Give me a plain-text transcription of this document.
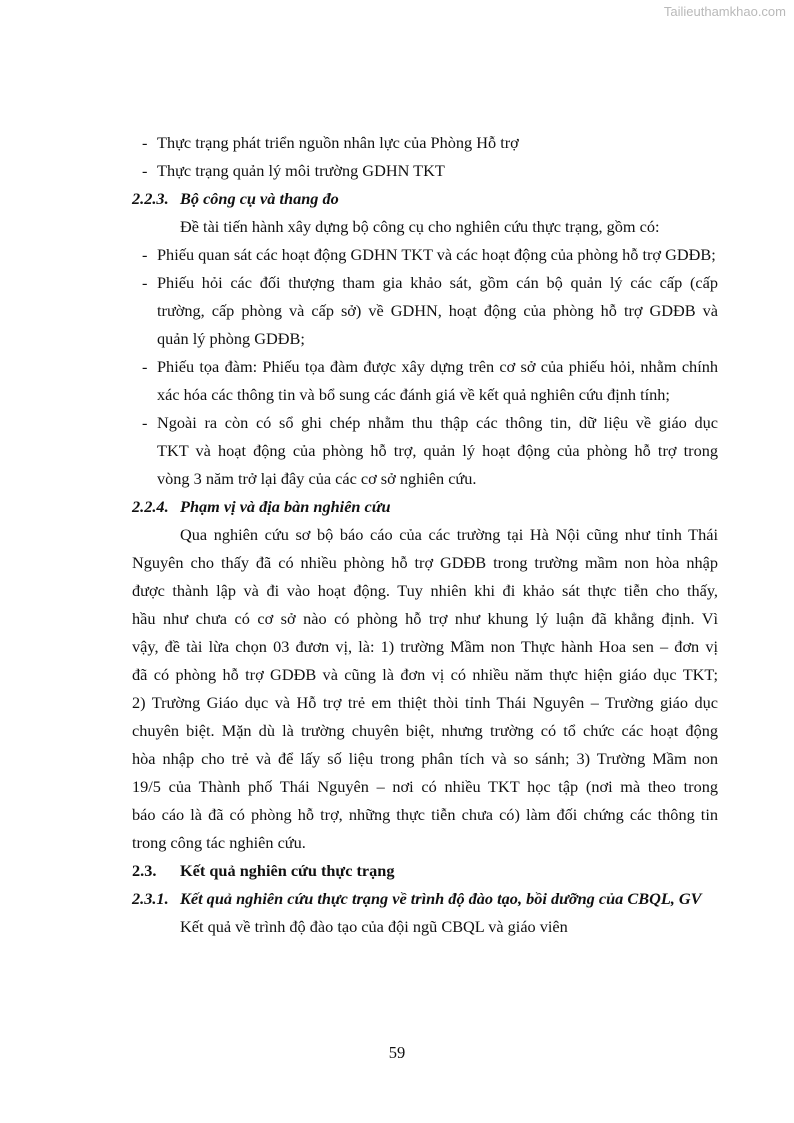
Tailieuthamkhao.com
- Thực trạng phát triển nguồn nhân lực của Phòng Hỗ trợ
- Thực trạng quản lý môi trường GDHN TKT
2.2.3. Bộ công cụ và thang đo
Đề tài tiến hành xây dựng bộ công cụ cho nghiên cứu thực trạng, gồm có:
- Phiếu quan sát các hoạt động GDHN TKT và các hoạt động của phòng hỗ trợ GDĐB;
- Phiếu hỏi các đối thượng tham gia khảo sát, gồm cán bộ quản lý các cấp (cấp
trường, cấp phòng và cấp sở) về GDHN, hoạt động của phòng hỗ trợ GDĐB và
quản lý phòng GDĐB;
- Phiếu tọa đàm: Phiếu tọa đàm được xây dựng trên cơ sở của phiếu hỏi, nhằm chính
xác hóa các thông tin và bổ sung các đánh giá về kết quả nghiên cứu định tính;
- Ngoài ra còn có sổ ghi chép nhằm thu thập các thông tin, dữ liệu về giáo dục
TKT và hoạt động của phòng hỗ trợ, quản lý hoạt động của phòng hỗ trợ trong
vòng 3 năm trở lại đây của các cơ sở nghiên cứu.
2.2.4. Phạm vị và địa bàn nghiên cứu
Qua nghiên cứu sơ bộ báo cáo của các trường tại Hà Nội cũng như tỉnh Thái
Nguyên cho thấy đã có nhiều phòng hỗ trợ GDĐB trong trường mầm non hòa nhập
được thành lập và đi vào hoạt động. Tuy nhiên khi đi khảo sát thực tiễn cho thấy,
hầu như chưa có cơ sở nào có phòng hỗ trợ như khung lý luận đã khẳng định. Vì
vậy, đề tài lừa chọn 03 đươn vị, là: 1) trường Mầm non Thực hành Hoa sen – đơn vị
đã có phòng hỗ trợ GDĐB và cũng là đơn vị có nhiều năm thực hiện giáo dục TKT;
2) Trường Giáo dục và Hỗ trợ trẻ em thiệt thòi tỉnh Thái Nguyên – Trường giáo dục
chuyên biệt. Mặn dù là trường chuyên biệt, nhưng trường có tổ chức các hoạt động
hòa nhập cho trẻ và để lấy số liệu trong phân tích và so sánh; 3) Trường Mầm non
19/5 của Thành phố Thái Nguyên – nơi có nhiều TKT học tập (nơi mà theo trong
báo cáo là đã có phòng hỗ trợ, những thực tiễn chưa có) làm đối chứng các thông tin
trong công tác nghiên cứu.
2.3. Kết quả nghiên cứu thực trạng
2.3.1. Kết quả nghiên cứu thực trạng về trình độ đào tạo, bồi dưỡng của CBQL, GV
Kết quả về trình độ đào tạo của đội ngũ CBQL và giáo viên
59
